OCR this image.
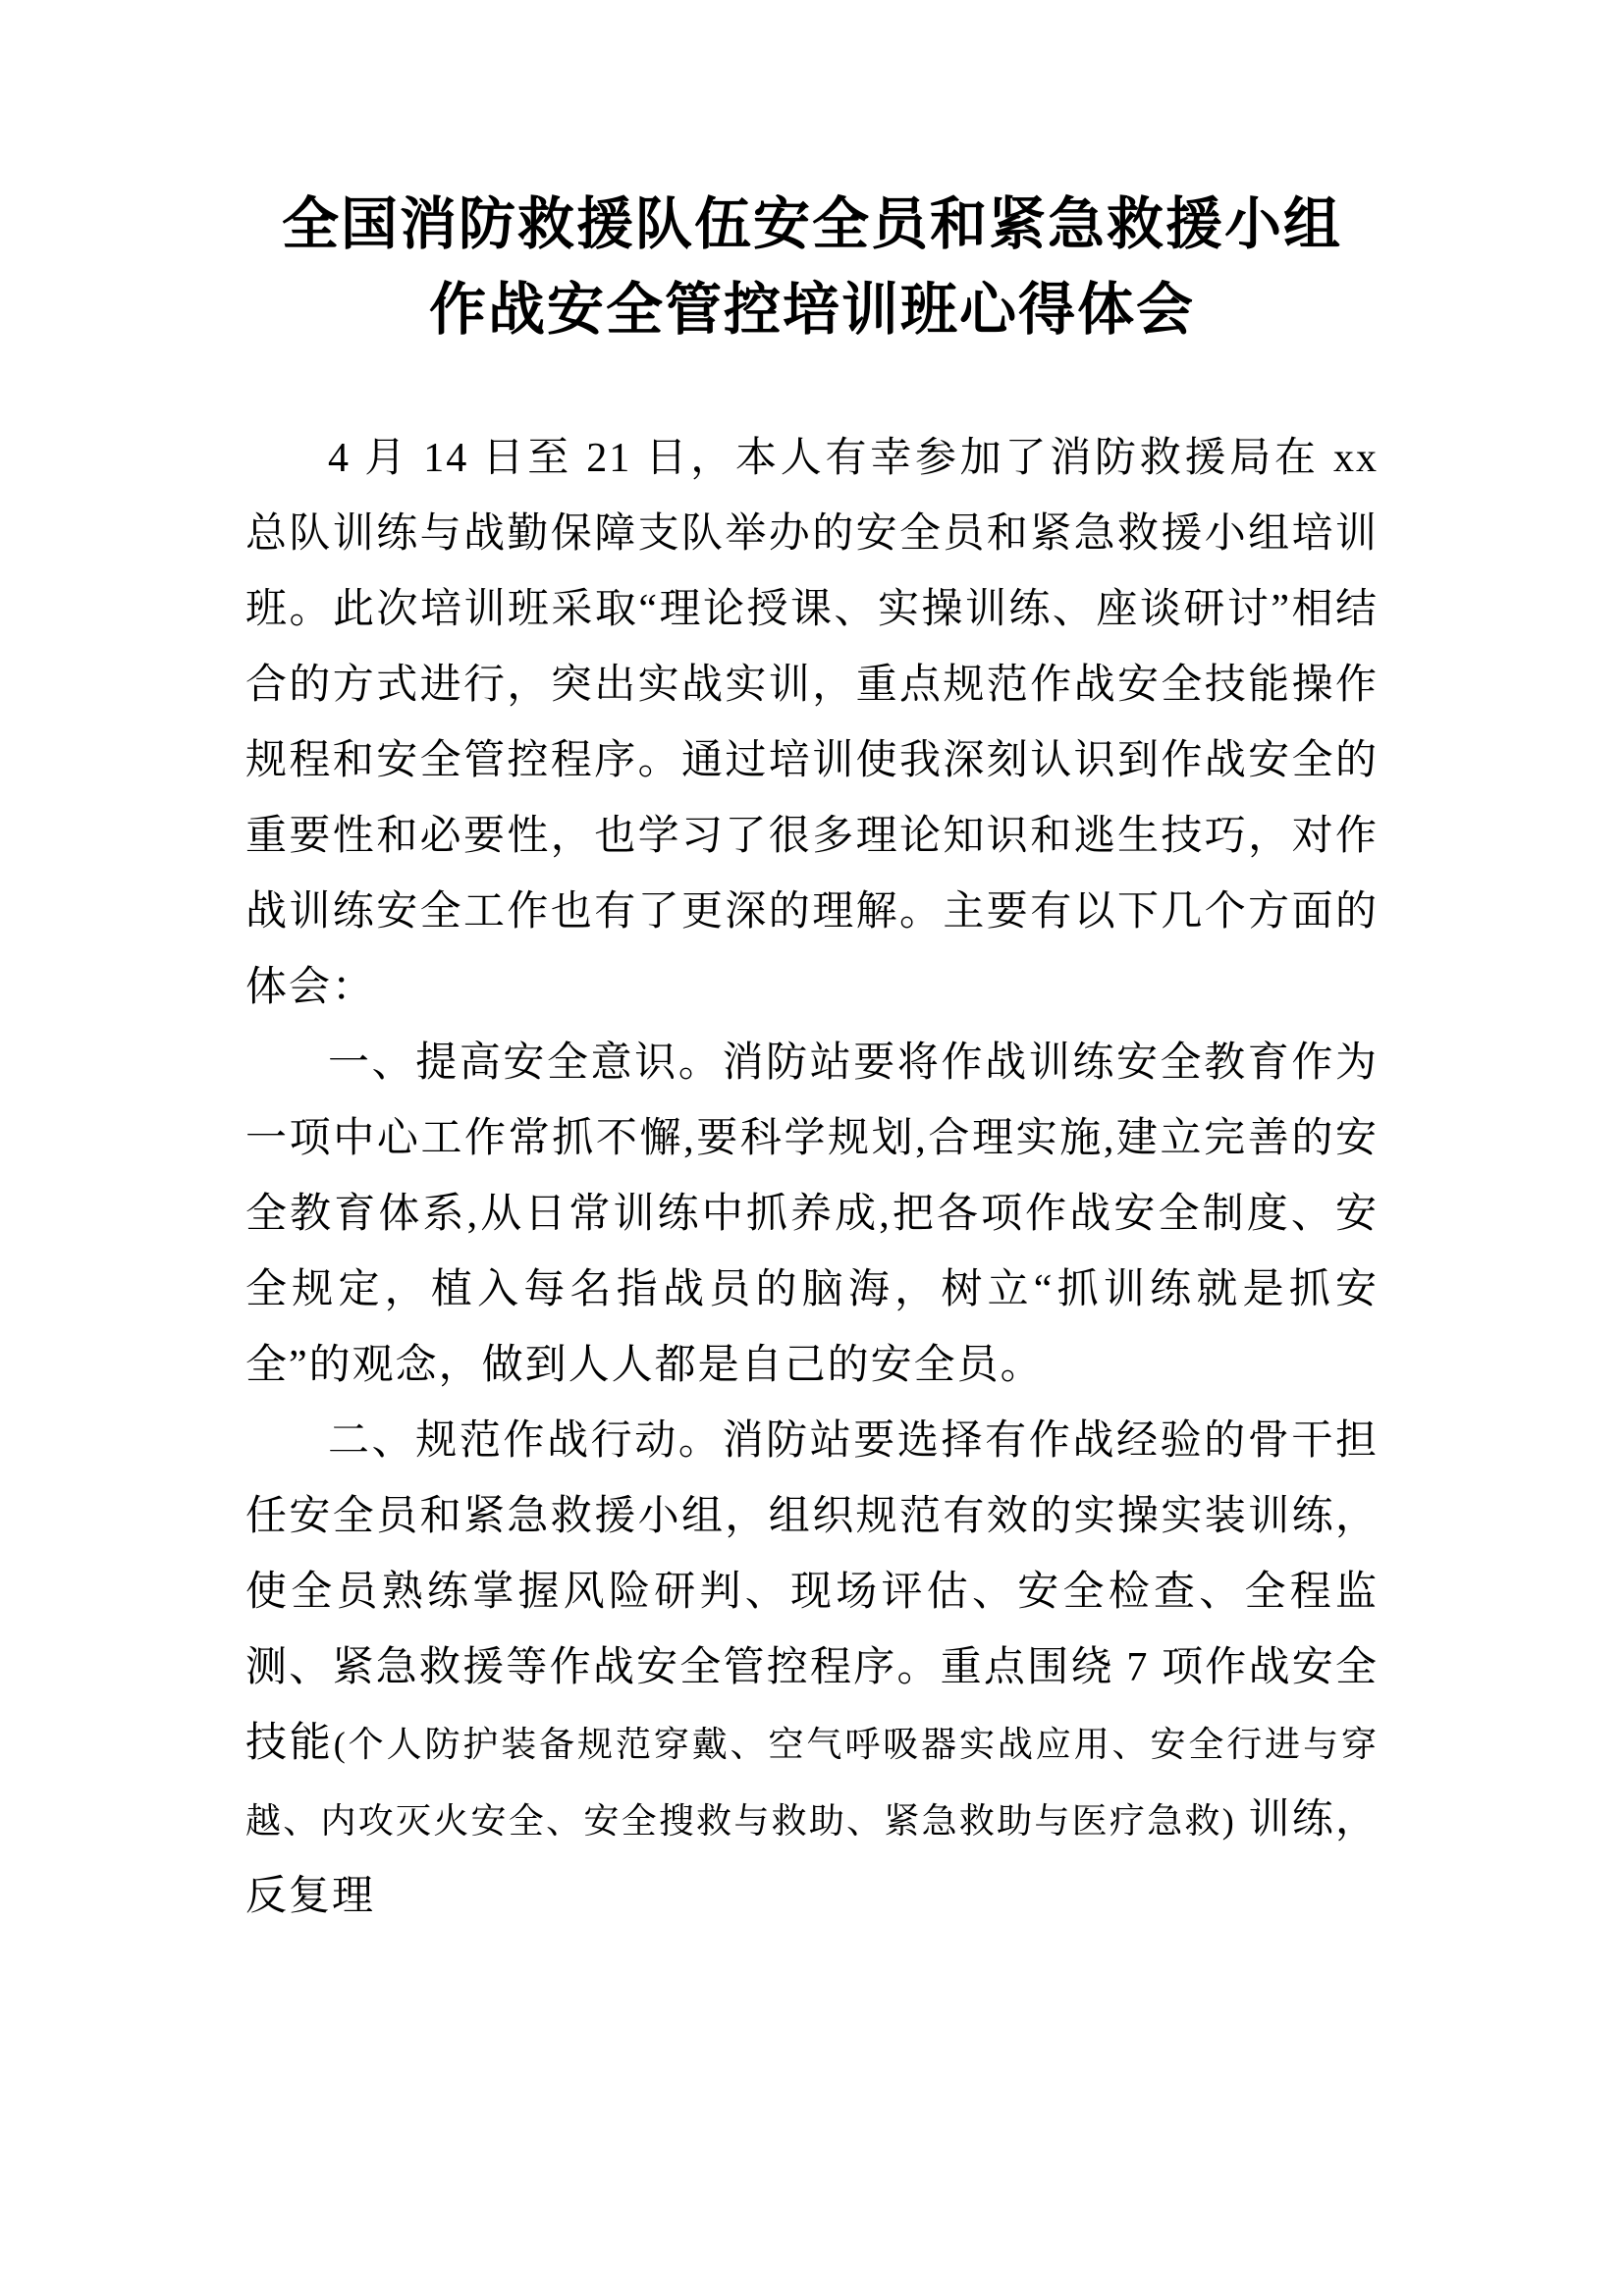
全国消防救援队伍安全员和紧急救援小组
作战安全管控培训班心得体会

4 月 14 日至 21 日，本人有幸参加了消防救援局在 xx 总队训练与战勤保障支队举办的安全员和紧急救援小组培训班。此次培训班采取“理论授课、实操训练、座谈研讨”相结合的方式进行，突出实战实训，重点规范作战安全技能操作规程和安全管控程序。通过培训使我深刻认识到作战安全的重要性和必要性，也学习了很多理论知识和逃生技巧，对作战训练安全工作也有了更深的理解。主要有以下几个方面的体会：

一、提高安全意识。消防站要将作战训练安全教育作为一项中心工作常抓不懈,要科学规划,合理实施,建立完善的安全教育体系,从日常训练中抓养成,把各项作战安全制度、安全规定，植入每名指战员的脑海，树立“抓训练就是抓安全”的观念，做到人人都是自己的安全员。

二、规范作战行动。消防站要选择有作战经验的骨干担任安全员和紧急救援小组，组织规范有效的实操实装训练，使全员熟练掌握风险研判、现场评估、安全检查、全程监测、紧急救援等作战安全管控程序。重点围绕 7 项作战安全技能(个人防护装备规范穿戴、空气呼吸器实战应用、安全行进与穿越、内攻灭火安全、安全搜救与救助、紧急救助与医疗急救) 训练，反复理
